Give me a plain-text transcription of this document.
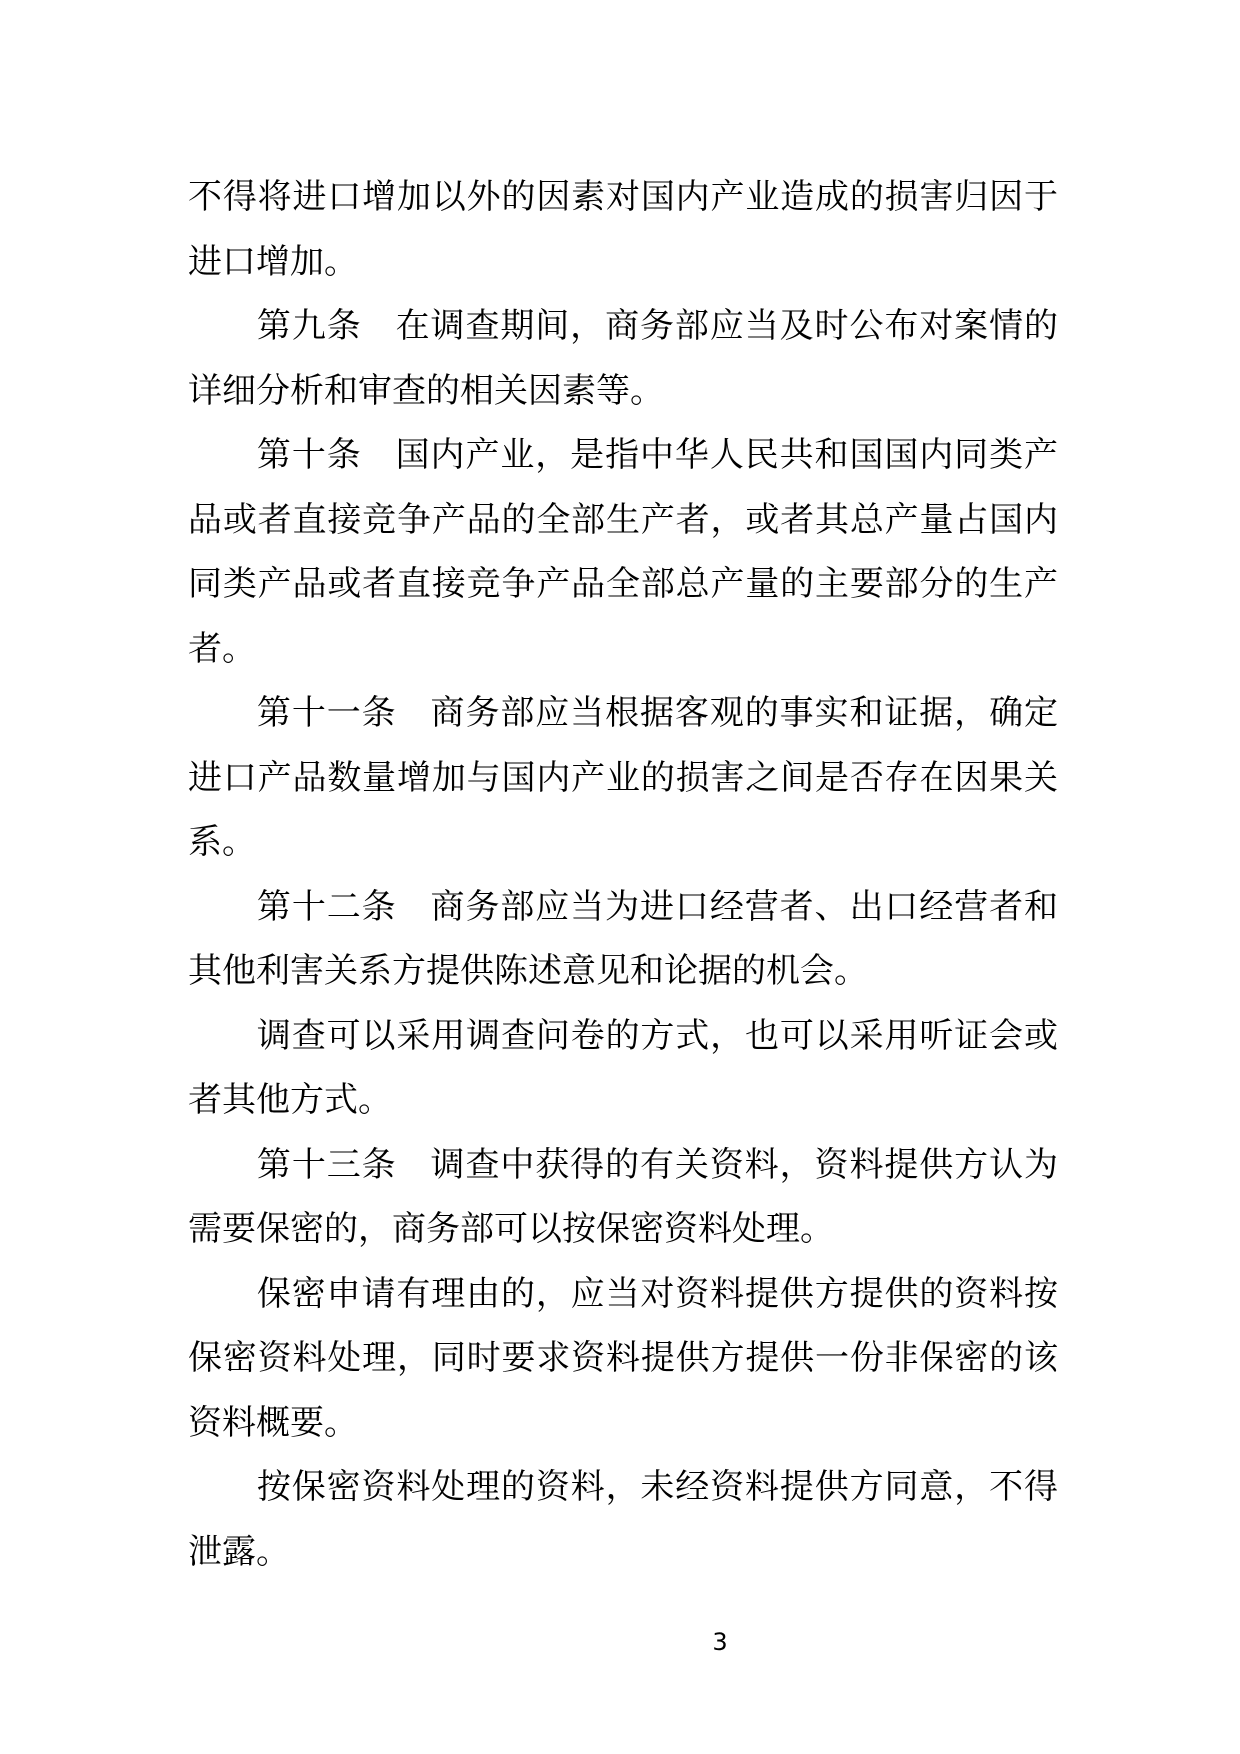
不得将进口增加以外的因素对国内产业造成的损害归因于进口增加。

第九条 在调查期间，商务部应当及时公布对案情的详细分析和审查的相关因素等。

第十条 国内产业，是指中华人民共和国国内同类产品或者直接竞争产品的全部生产者，或者其总产量占国内同类产品或者直接竞争产品全部总产量的主要部分的生产者。

第十一条 商务部应当根据客观的事实和证据，确定进口产品数量增加与国内产业的损害之间是否存在因果关系。

第十二条 商务部应当为进口经营者、出口经营者和其他利害关系方提供陈述意见和论据的机会。

调查可以采用调查问卷的方式，也可以采用听证会或者其他方式。

第十三条 调查中获得的有关资料，资料提供方认为需要保密的，商务部可以按保密资料处理。

保密申请有理由的，应当对资料提供方提供的资料按保密资料处理，同时要求资料提供方提供一份非保密的该资料概要。

按保密资料处理的资料，未经资料提供方同意，不得泄露。

3
